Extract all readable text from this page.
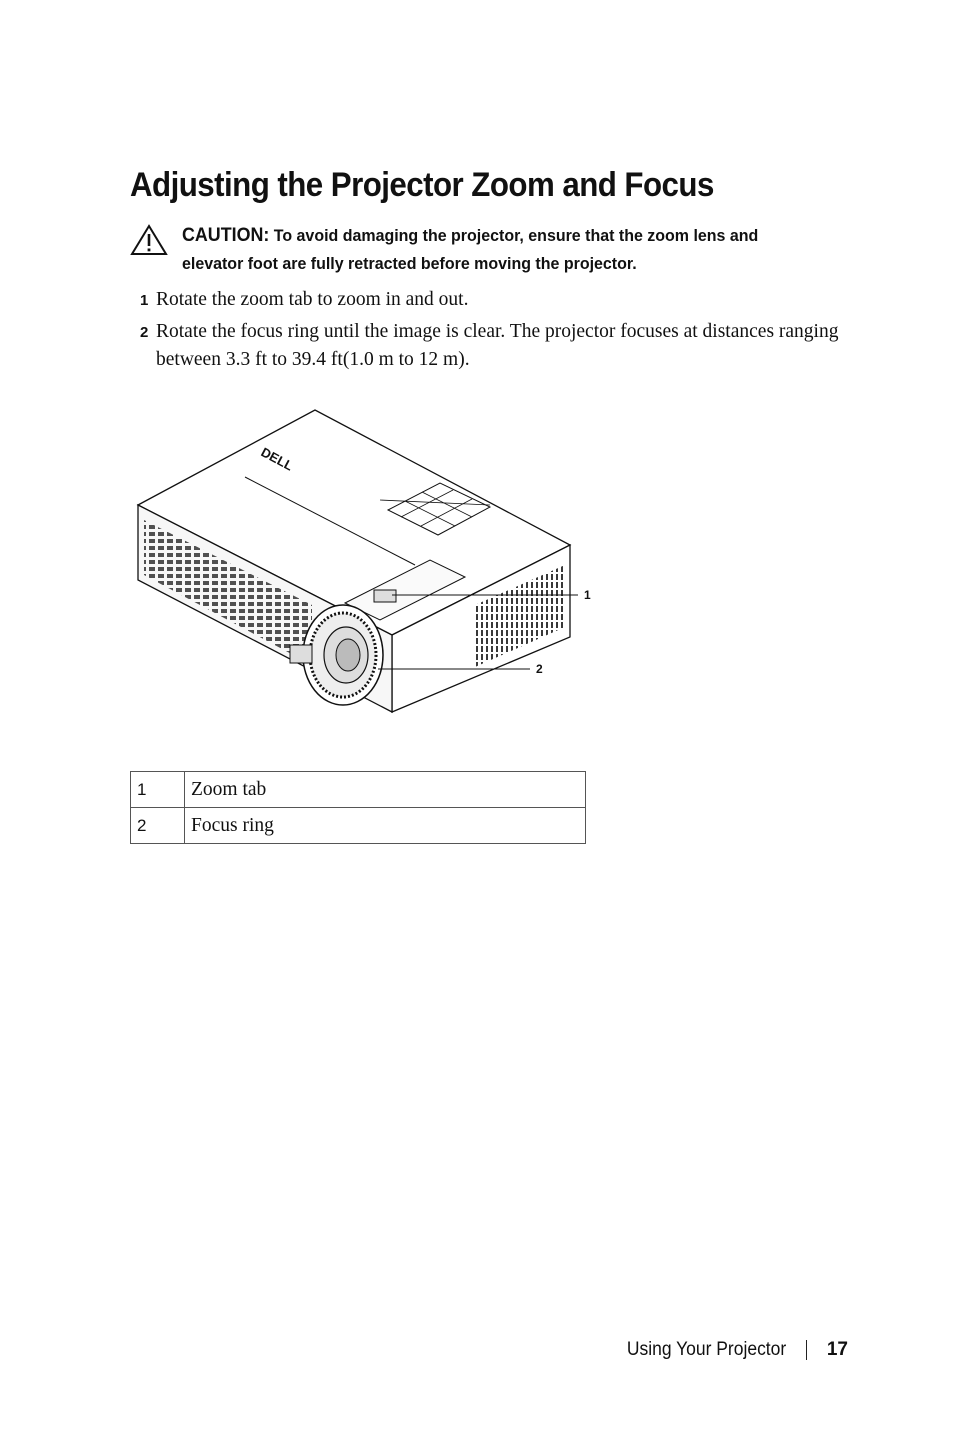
Adjusting the Projector Zoom and Focus
CAUTION: To avoid damaging the projector, ensure that the zoom lens and elevator foot are fully retracted before moving the projector.
1 Rotate the zoom tab to zoom in and out.
2 Rotate the focus ring until the image is clear. The projector focuses at distances ranging between 3.3 ft to 39.4 ft(1.0 m to 12 m).
DELL
1
2
1	Zoom tab
2	Focus ring
Using Your Projector 17
